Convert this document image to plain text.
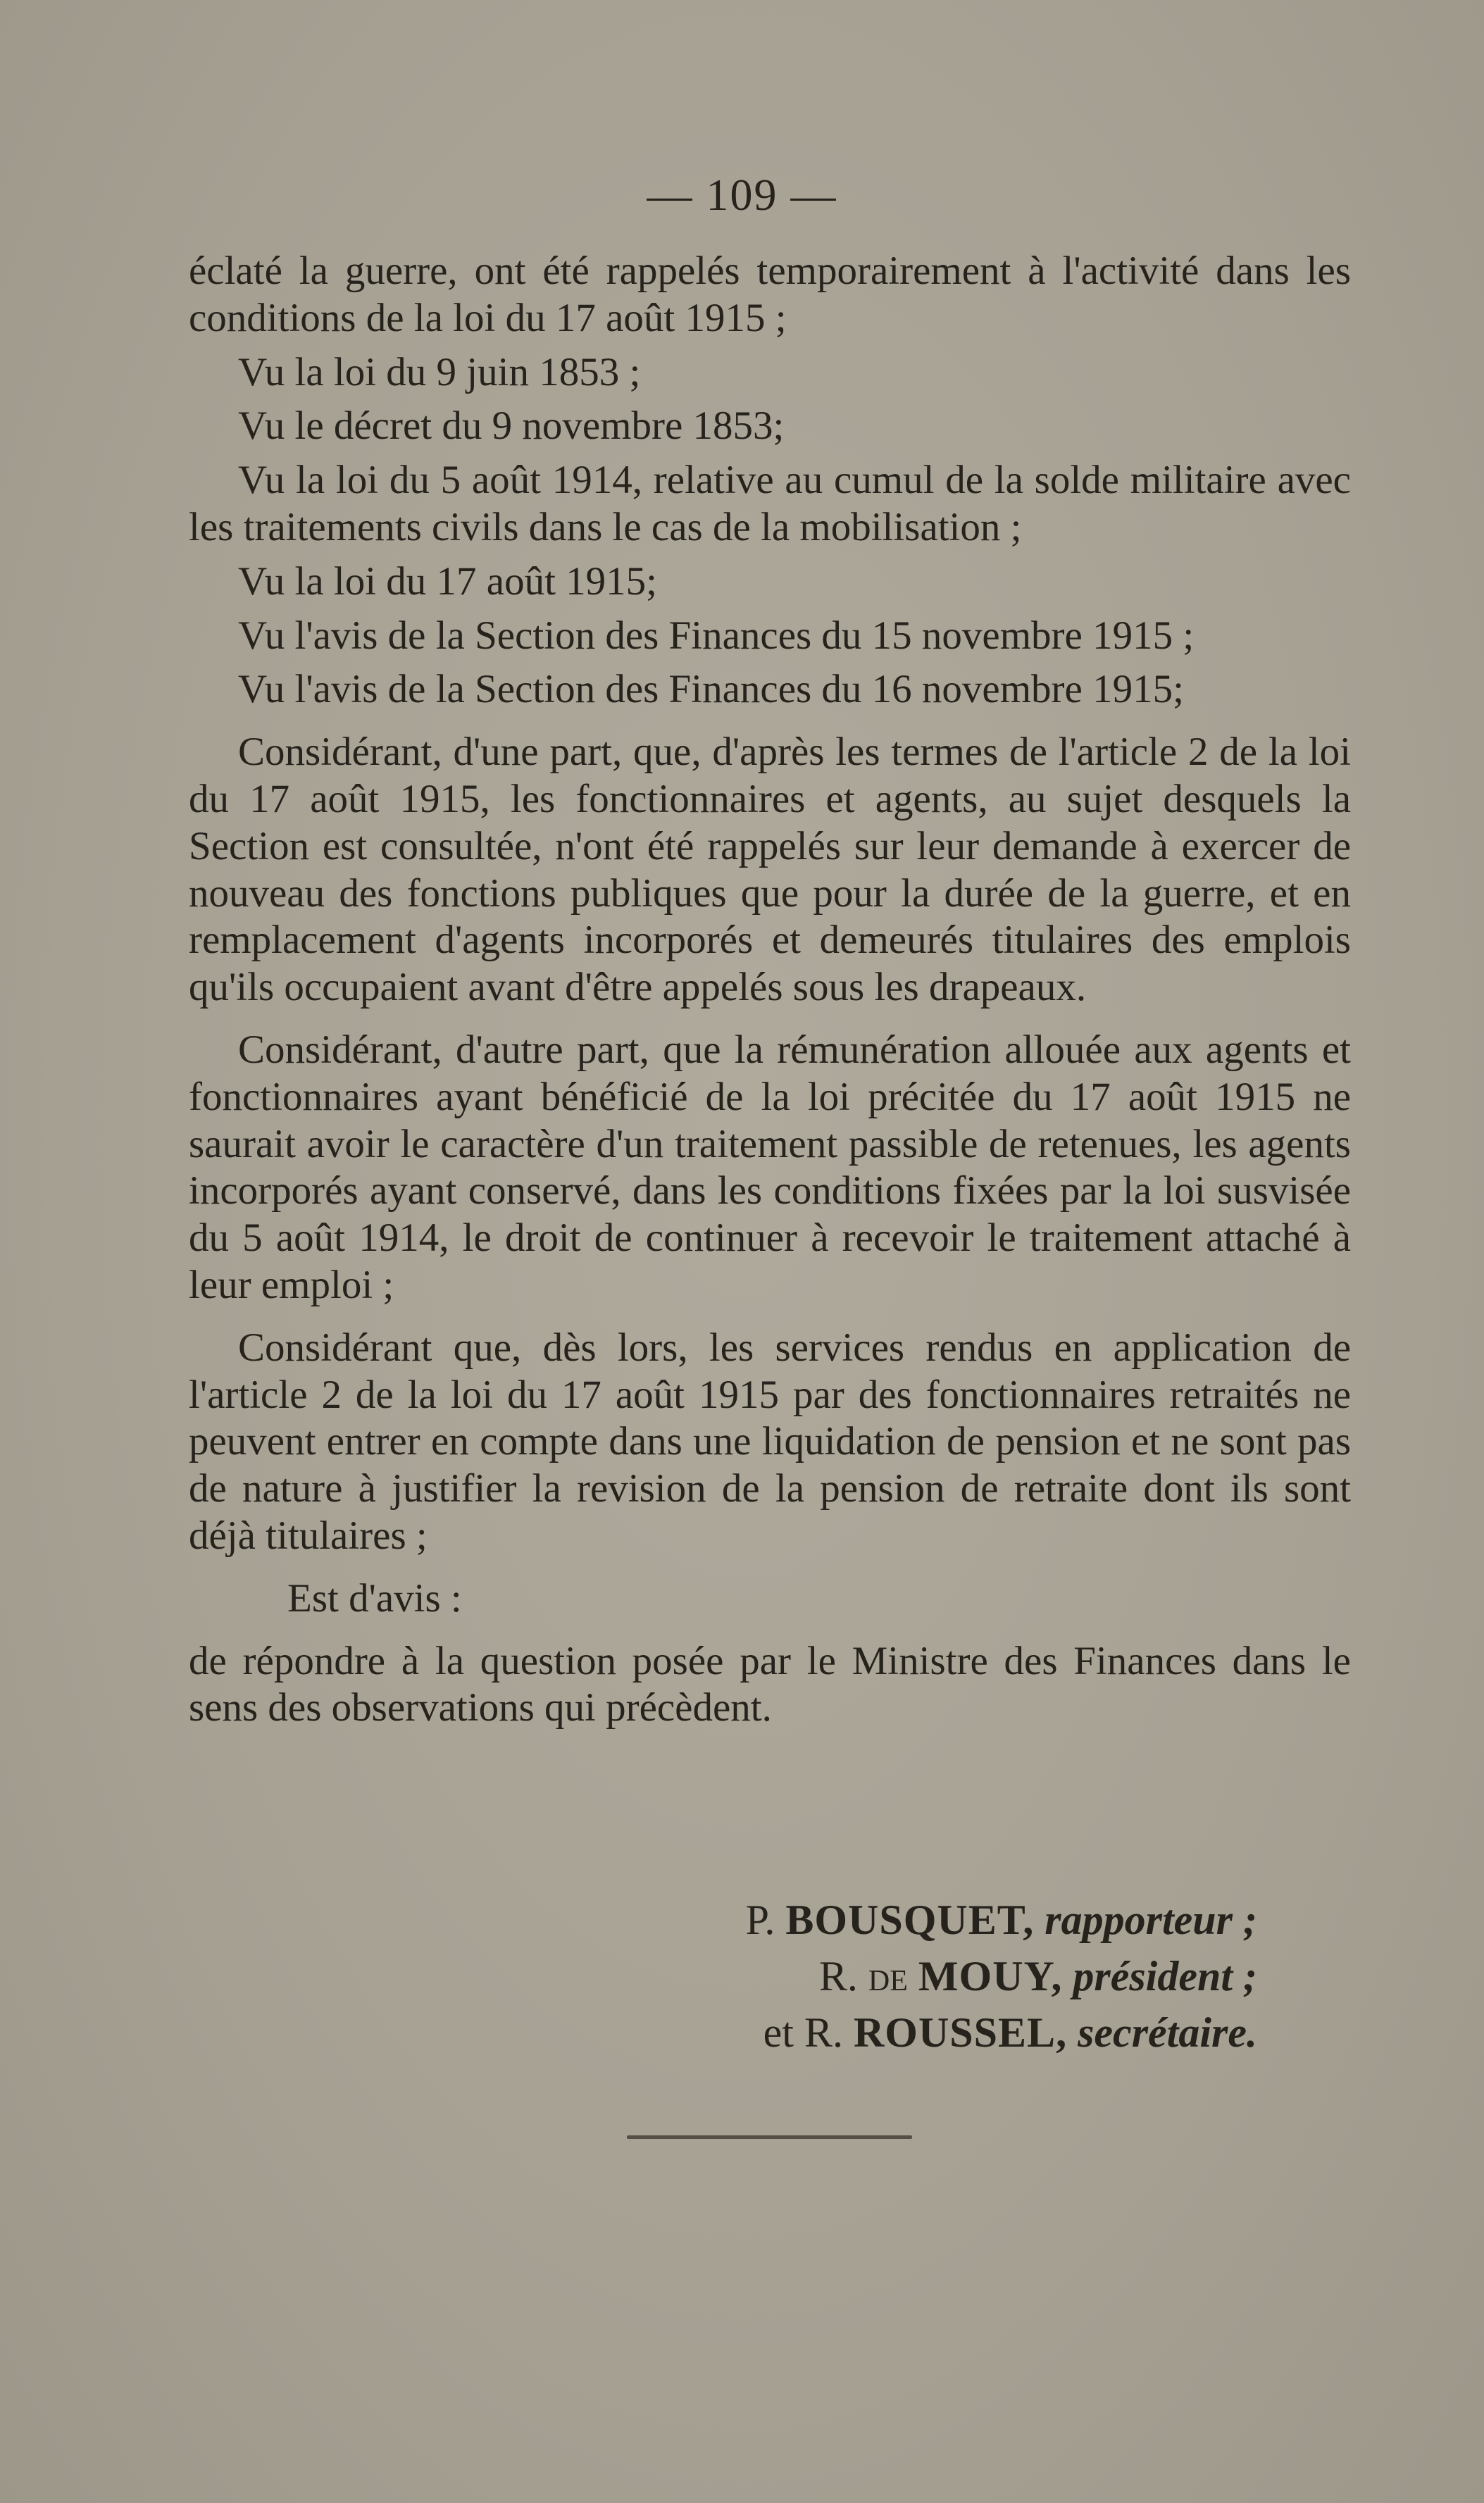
— 109 —

éclaté la guerre, ont été rappelés temporairement à l'activité dans les conditions de la loi du 17 août 1915 ;

Vu la loi du 9 juin 1853 ;

Vu le décret du 9 novembre 1853;

Vu la loi du 5 août 1914, relative au cumul de la solde militaire avec les traitements civils dans le cas de la mobilisation ;

Vu la loi du 17 août 1915;

Vu l'avis de la Section des Finances du 15 novembre 1915 ;

Vu l'avis de la Section des Finances du 16 novembre 1915;

Considérant, d'une part, que, d'après les termes de l'article 2 de la loi du 17 août 1915, les fonctionnaires et agents, au sujet desquels la Section est consultée, n'ont été rappelés sur leur demande à exercer de nouveau des fonctions publiques que pour la durée de la guerre, et en remplacement d'agents incorporés et demeurés titulaires des emplois qu'ils occupaient avant d'être appelés sous les drapeaux.

Considérant, d'autre part, que la rémunération allouée aux agents et fonctionnaires ayant bénéficié de la loi précitée du 17 août 1915 ne saurait avoir le caractère d'un traitement passible de retenues, les agents incorporés ayant conservé, dans les conditions fixées par la loi susvisée du 5 août 1914, le droit de continuer à recevoir le traitement attaché à leur emploi ;

Considérant que, dès lors, les services rendus en application de l'article 2 de la loi du 17 août 1915 par des fonctionnaires retraités ne peuvent entrer en compte dans une liquidation de pension et ne sont pas de nature à justifier la revision de la pension de retraite dont ils sont déjà titulaires ;

Est d'avis :

de répondre à la question posée par le Ministre des Finances dans le sens des observations qui précèdent.

P. BOUSQUET, rapporteur ;

R. de MOUY, président ;

et R. ROUSSEL, secrétaire.
